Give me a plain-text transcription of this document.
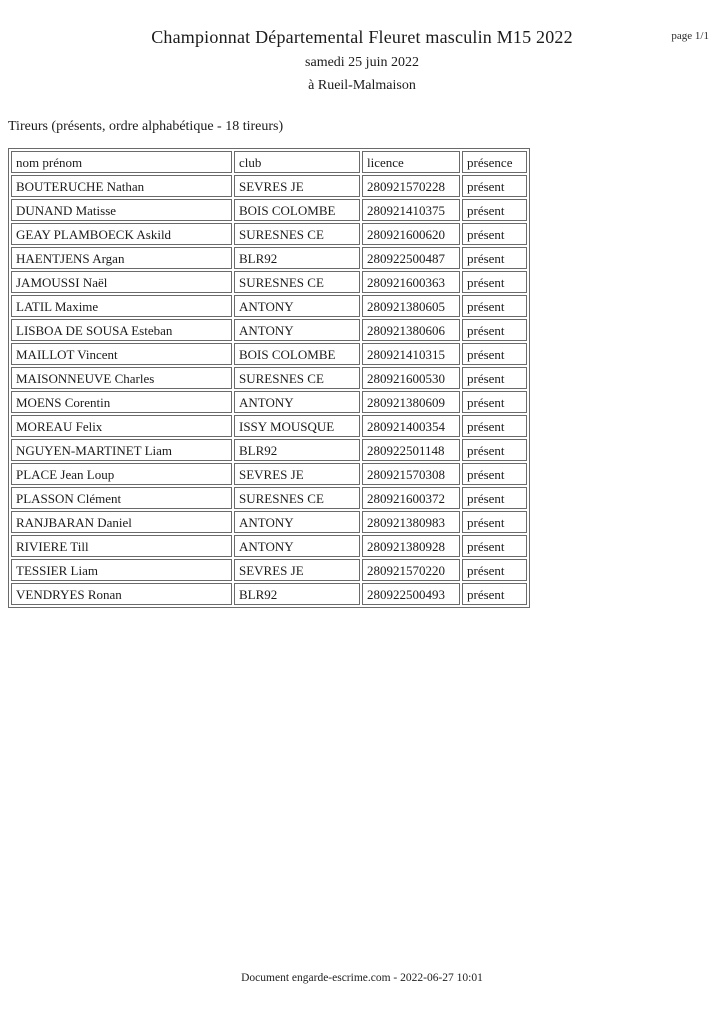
page 1/1
Championnat Départemental Fleuret masculin M15 2022
samedi 25 juin 2022
à Rueil-Malmaison
Tireurs (présents, ordre alphabétique - 18 tireurs)
nom prénom	club	licence	présence
BOUTERUCHE Nathan	SEVRES JE	280921570228	présent
DUNAND Matisse	BOIS COLOMBE	280921410375	présent
GEAY PLAMBOECK Askild	SURESNES CE	280921600620	présent
HAENTJENS Argan	BLR92	280922500487	présent
JAMOUSSI Naël	SURESNES CE	280921600363	présent
LATIL Maxime	ANTONY	280921380605	présent
LISBOA DE SOUSA Esteban	ANTONY	280921380606	présent
MAILLOT Vincent	BOIS COLOMBE	280921410315	présent
MAISONNEUVE Charles	SURESNES CE	280921600530	présent
MOENS Corentin	ANTONY	280921380609	présent
MOREAU Felix	ISSY MOUSQUE	280921400354	présent
NGUYEN-MARTINET Liam	BLR92	280922501148	présent
PLACE Jean Loup	SEVRES JE	280921570308	présent
PLASSON Clément	SURESNES CE	280921600372	présent
RANJBARAN Daniel	ANTONY	280921380983	présent
RIVIERE Till	ANTONY	280921380928	présent
TESSIER Liam	SEVRES JE	280921570220	présent
VENDRYES Ronan	BLR92	280922500493	présent
Document engarde-escrime.com - 2022-06-27 10:01
